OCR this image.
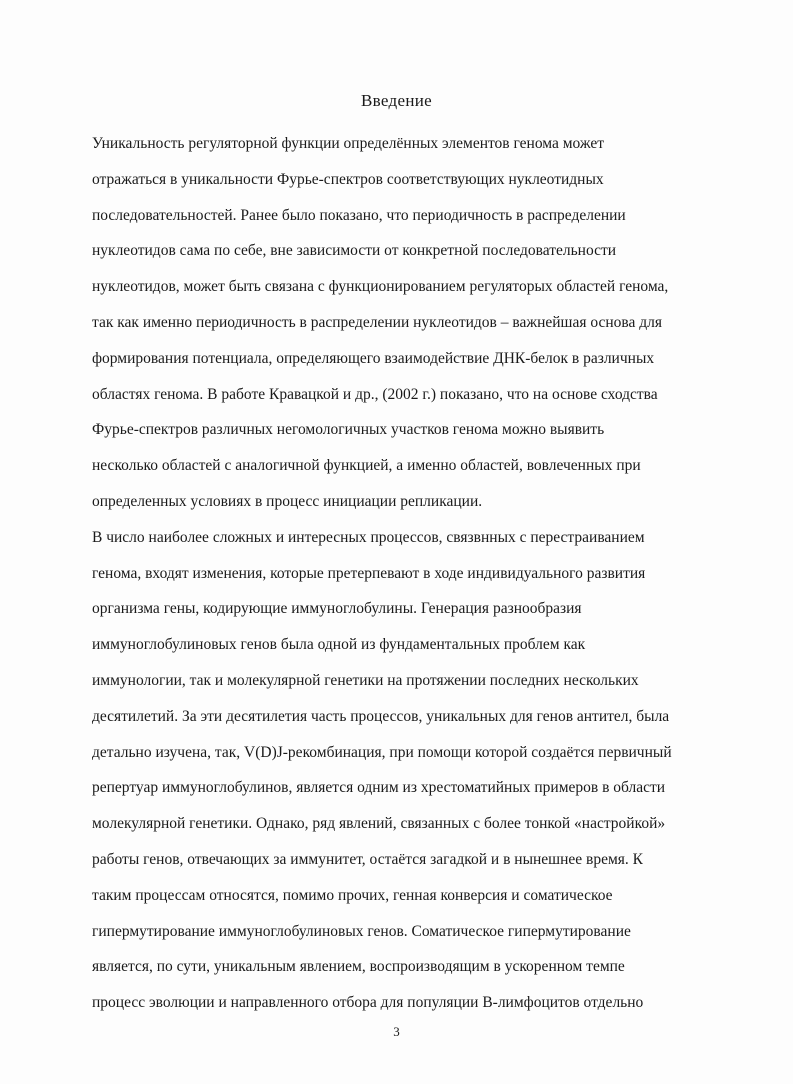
Введение
Уникальность регуляторной функции определённых элементов генома может
отражаться в уникальности Фурье-спектров соответствующих нуклеотидных
последовательностей. Ранее было показано, что периодичность в распределении
нуклеотидов сама по себе, вне зависимости от конкретной последовательности
нуклеотидов, может быть связана с функционированием регуляторых областей генома,
так как именно периодичность в распределении нуклеотидов – важнейшая основа для
формирования потенциала, определяющего взаимодействие ДНК-белок в различных
областях генома. В работе Кравацкой и др., (2002 г.) показано, что на основе сходства
Фурье-спектров различных негомологичных участков генома можно выявить
несколько областей с аналогичной функцией, а именно областей, вовлеченных при
определенных условиях в процесс инициации репликации.
В число наиболее сложных и интересных процессов, связвнных с перестраиванием
генома, входят изменения, которые претерпевают в ходе индивидуального развития
организма гены, кодирующие иммуноглобулины. Генерация разнообразия
иммуноглобулиновых генов была одной из фундаментальных проблем как
иммунологии, так и молекулярной генетики на протяжении последних нескольких
десятилетий. За эти десятилетия часть процессов, уникальных для генов антител, была
детально изучена, так, V(D)J-рекомбинация, при помощи которой создаётся первичный
репертуар иммуноглобулинов, является одним из хрестоматийных примеров в области
молекулярной генетики. Однако, ряд явлений, связанных с более тонкой «настройкой»
работы генов, отвечающих за иммунитет, остаётся загадкой и в нынешнее время. К
таким процессам относятся, помимо прочих, генная конверсия и соматическое
гипермутирование иммуноглобулиновых генов. Соматическое гипермутирование
является, по сути, уникальным явлением, воспроизводящим в ускоренном темпе
процесс эволюции и направленного отбора для популяции В-лимфоцитов отдельно
3
